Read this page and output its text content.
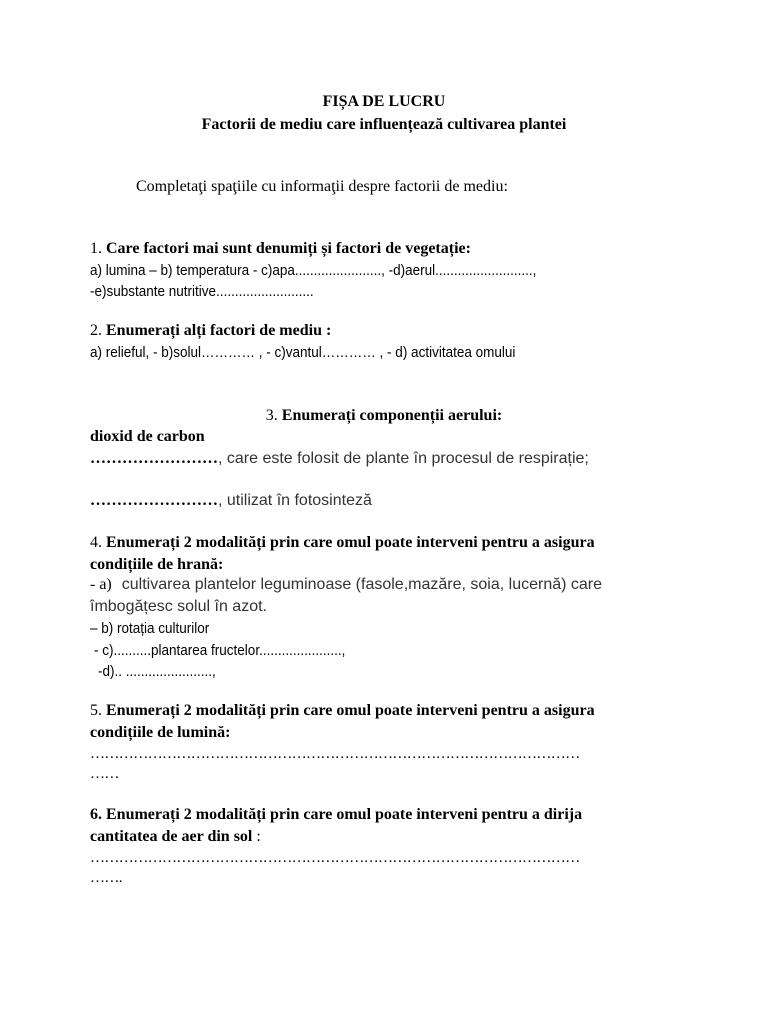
FIȘA DE LUCRU
Factorii de mediu care influențează cultivarea plantei
Completaţi spaţiile cu informaţii despre factorii de mediu:
1. Care factori mai sunt denumiți și factori de vegetație:
a) lumina – b) temperatura - c)apa......................., -d)aerul..........................,
-e)substante nutritive..........................
2. Enumerați alți factori de mediu :
a) relieful, - b)solul………… , - c)vantul………… , - d) activitatea omului
3. Enumerați componenții aerului:
dioxid de carbon
……………………, care este folosit de plante în procesul de respirație;
……………………, utilizat în fotosinteză
4. Enumerați 2 modalități prin care omul poate interveni pentru a asigura
condițiile de hrană:
- a) cultivarea plantelor leguminoase (fasole,mazăre, soia, lucernă) care
îmbogățesc solul în azot.
– b) rotația culturilor
- c)..........plantarea fructelor......................,
-d).. .......................,
5. Enumerați 2 modalități prin care omul poate interveni pentru a asigura
condițiile de lumină:
…………………………………………………………………………………………
……
6. Enumerați 2 modalități prin care omul poate interveni pentru a dirija
cantitatea de aer din sol :
…………………………………………………………………………………………
…….
